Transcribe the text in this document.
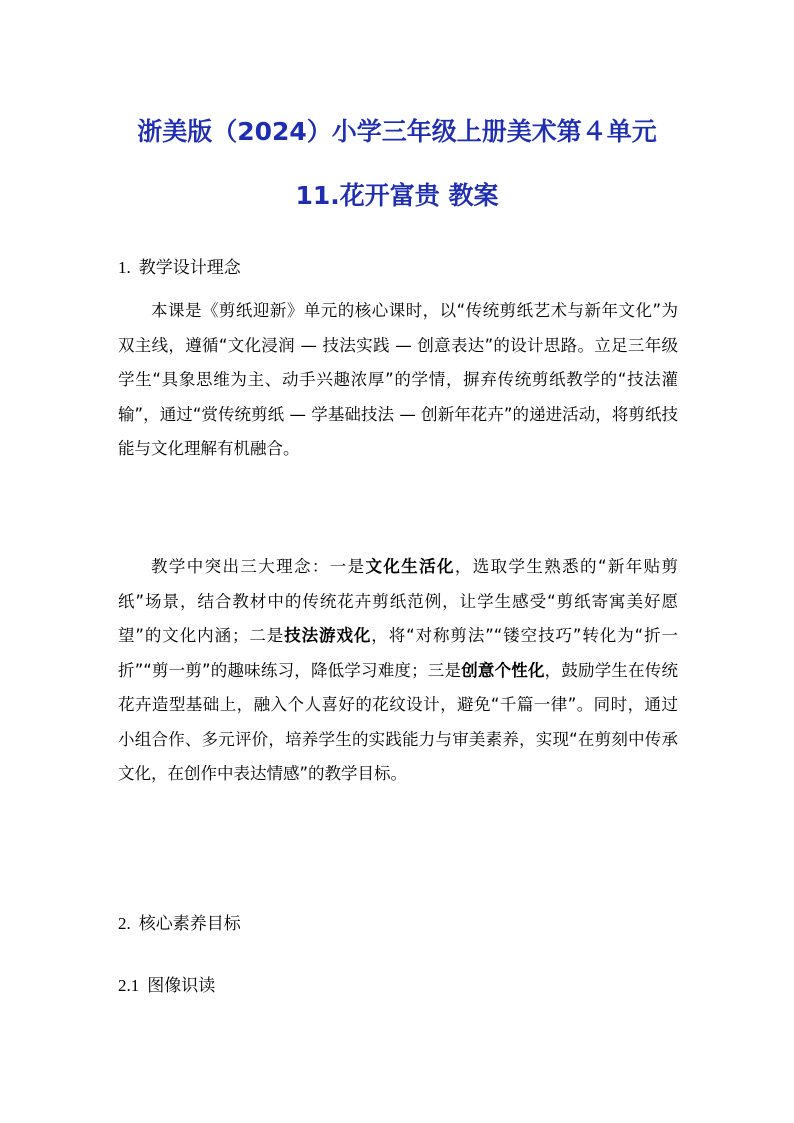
浙美版（2024）小学三年级上册美术第４单元
11.花开富贵 教案
1. 教学设计理念

本课是《剪纸迎新》单元的核心课时，以“传统剪纸艺术与新年文化”为双主线，遵循“文化浸润 — 技法实践 — 创意表达”的设计思路。立足三年级学生“具象思维为主、动手兴趣浓厚”的学情，摒弃传统剪纸教学的“技法灌输”，通过“赏传统剪纸 — 学基础技法 — 创新年花卉”的递进活动，将剪纸技能与文化理解有机融合。

教学中突出三大理念：一是文化生活化，选取学生熟悉的“新年贴剪纸”场景，结合教材中的传统花卉剪纸范例，让学生感受“剪纸寄寓美好愿望”的文化内涵；二是技法游戏化，将“对称剪法”“镂空技巧”转化为“折一折”“剪一剪”的趣味练习，降低学习难度；三是创意个性化，鼓励学生在传统花卉造型基础上，融入个人喜好的花纹设计，避免“千篇一律”。同时，通过小组合作、多元评价，培养学生的实践能力与审美素养，实现“在剪刻中传承文化，在创作中表达情感”的教学目标。

2. 核心素养目标
2.1 图像识读
